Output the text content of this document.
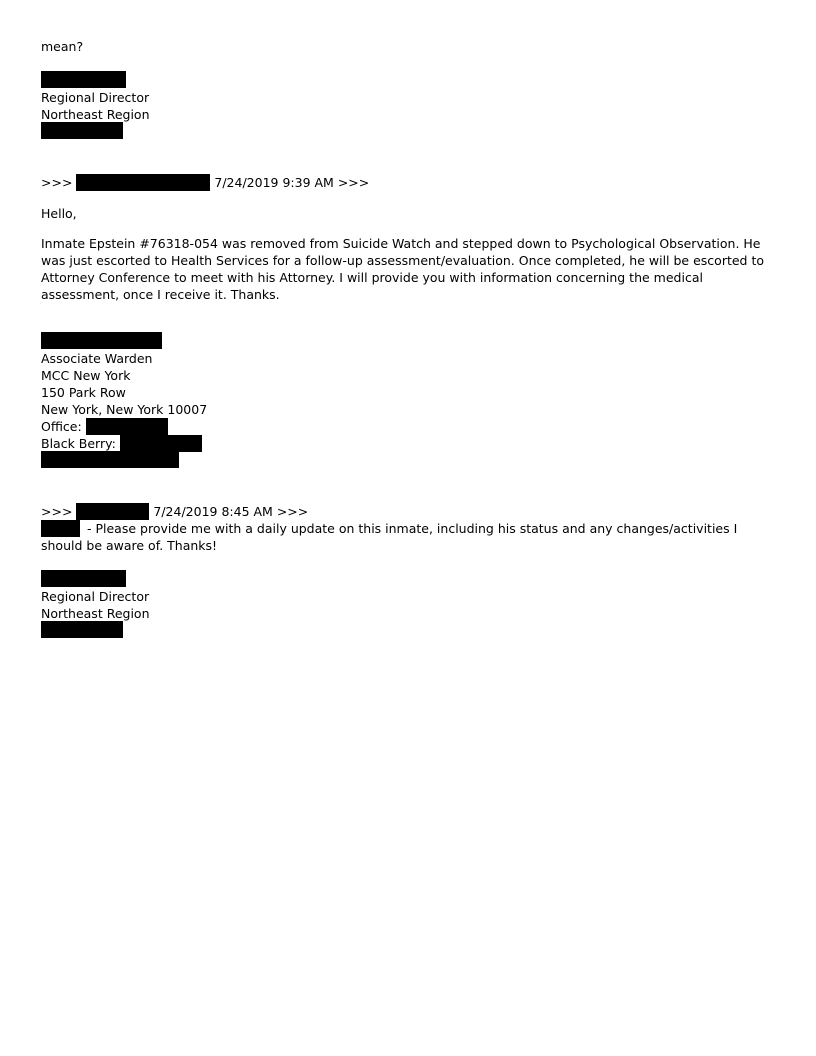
mean?
Regional Director
Northeast Region
>>>	7/24/2019 9:39 AM >>>
Hello,
Inmate Epstein #76318-054 was removed from Suicide Watch and stepped down to Psychological Observation. He was just escorted to Health Services for a follow-up assessment/evaluation. Once completed, he will be escorted to Attorney Conference to meet with his Attorney. I will provide you with information concerning the medical assessment, once I receive it. Thanks.
Associate Warden
MCC New York
150 Park Row
New York, New York 10007
Office:
Black Berry:
>>>	7/24/2019 8:45 AM >>>
- Please provide me with a daily update on this inmate, including his status and any changes/activities I should be aware of. Thanks!
Regional Director
Northeast Region
